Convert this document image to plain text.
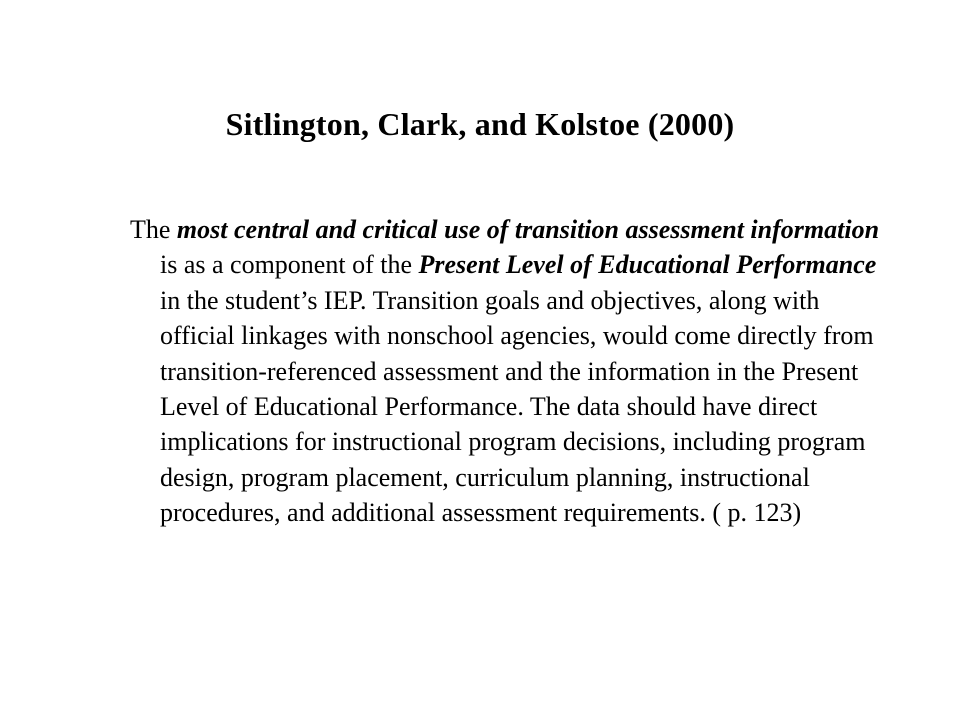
Sitlington, Clark, and Kolstoe (2000)

The most central and critical use of transition assessment information is as a component of the Present Level of Educational Performance in the student’s IEP. Transition goals and objectives, along with official linkages with nonschool agencies, would come directly from transition-referenced assessment and the information in the Present Level of Educational Performance. The data should have direct implications for instructional program decisions, including program design, program placement, curriculum planning, instructional procedures, and additional assessment requirements. ( p. 123)
